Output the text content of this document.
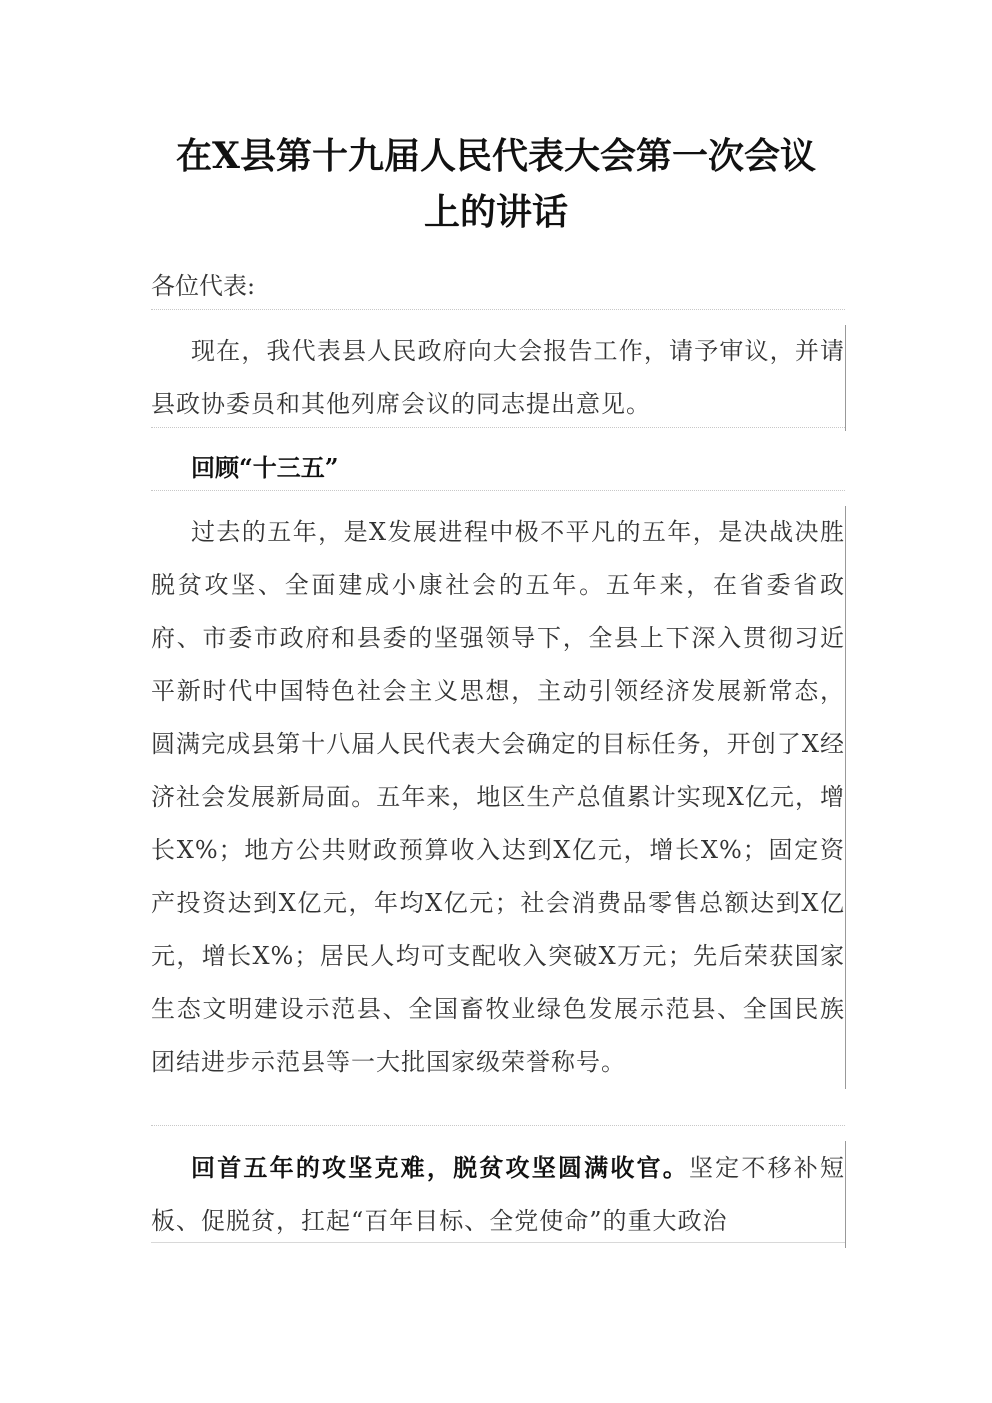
在X县第十九届人民代表大会第一次会议
上的讲话
各位代表:
现在，我代表县人民政府向大会报告工作，请予审议，并请县政协委员和其他列席会议的同志提出意见。
回顾“十三五”
过去的五年，是X发展进程中极不平凡的五年，是决战决胜脱贫攻坚、全面建成小康社会的五年。五年来，在省委省政府、市委市政府和县委的坚强领导下，全县上下深入贯彻习近平新时代中国特色社会主义思想，主动引领经济发展新常态，圆满完成县第十八届人民代表大会确定的目标任务，开创了X经济社会发展新局面。五年来，地区生产总值累计实现X亿元，增长X%；地方公共财政预算收入达到X亿元，增长X%；固定资产投资达到X亿元，年均X亿元；社会消费品零售总额达到X亿元，增长X%；居民人均可支配收入突破X万元；先后荣获国家生态文明建设示范县、全国畜牧业绿色发展示范县、全国民族团结进步示范县等一大批国家级荣誉称号。
回首五年的攻坚克难，脱贫攻坚圆满收官。坚定不移补短板、促脱贫，扛起“百年目标、全党使命”的重大政治
